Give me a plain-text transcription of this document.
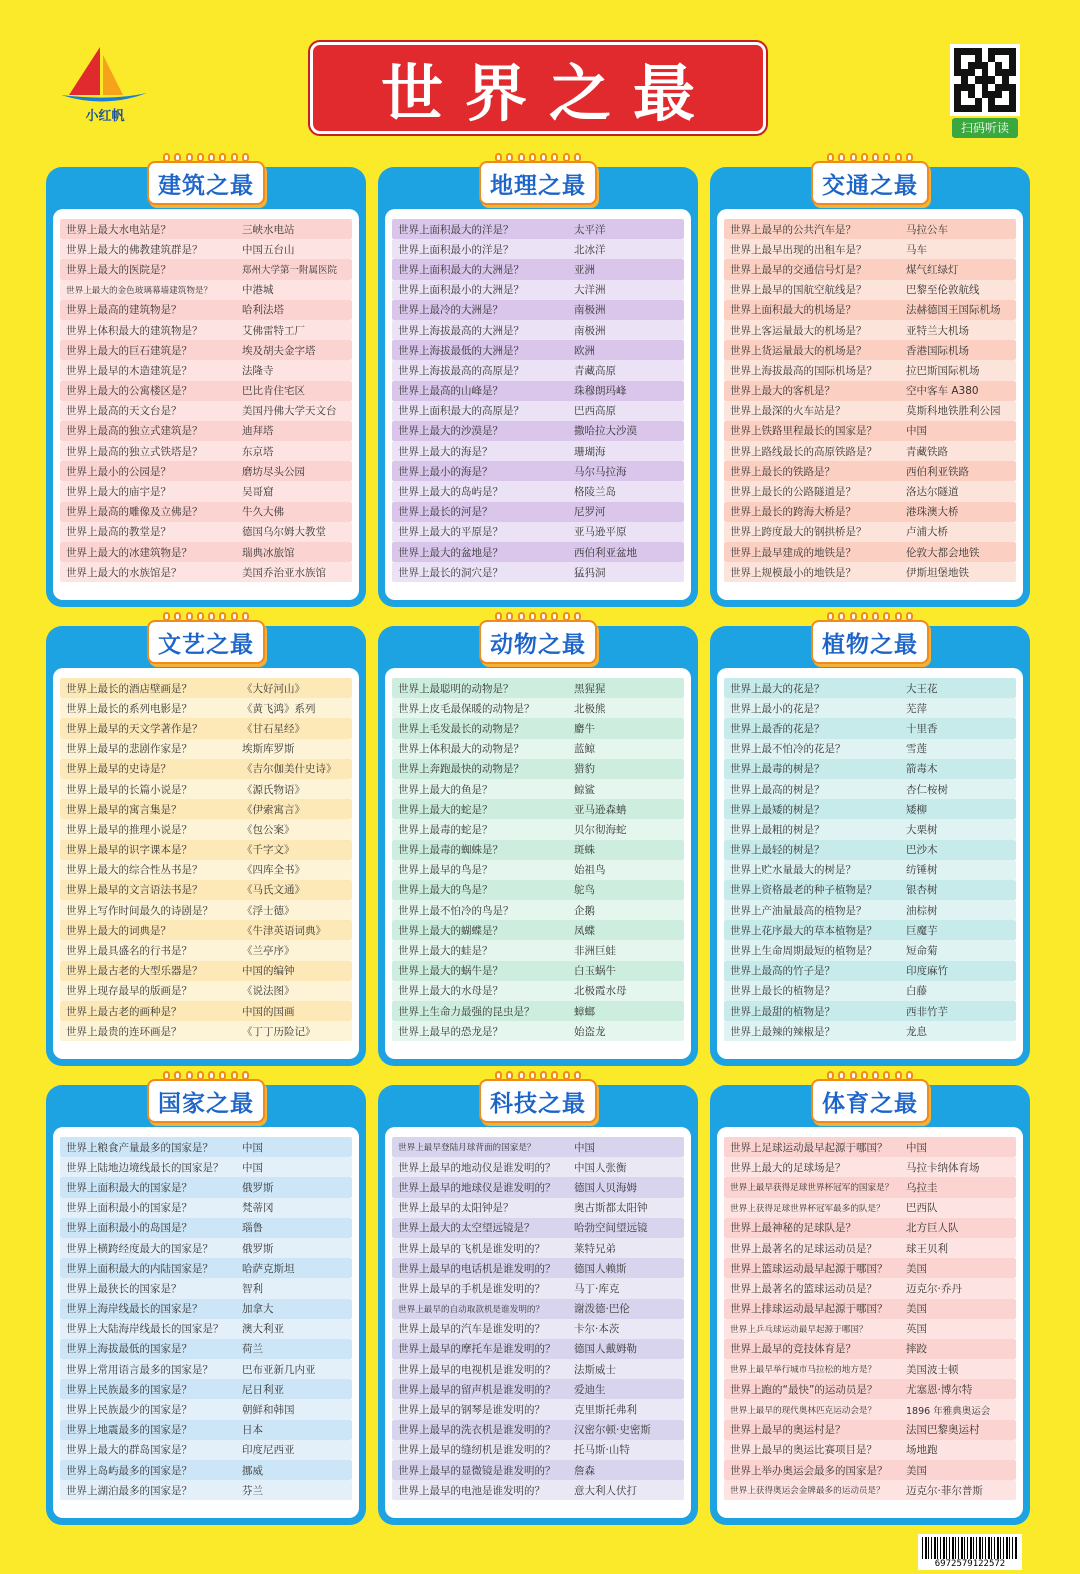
小红帆	世界之最	扫码听读
世界上最大水电站是？	三峡水电站
世界上最大的佛教建筑群是？	中国五台山
世界上最大的医院是？	郑州大学第一附属医院
世界上最大的金色玻璃幕墙建筑物是？	中港城
世界上最高的建筑物是？	哈利法塔
世界上体积最大的建筑物是？	艾佛雷特工厂
世界上最大的巨石建筑是？	埃及胡夫金字塔
世界上最早的木造建筑是？	法隆寺
世界上最大的公寓楼区是？	巴比肯住宅区
世界上最高的天文台是？	美国丹佛大学天文台
世界上最高的独立式建筑是？	迪拜塔
世界上最高的独立式铁塔是？	东京塔
世界上最小的公园是？	磨坊尽头公园
世界上最大的庙宇是？	吴哥窟
世界上最高的雕像及立佛是？	牛久大佛
世界上最高的教堂是？	德国乌尔姆大教堂
世界上最大的冰建筑物是？	瑞典冰旅馆
世界上最大的水族馆是？	美国乔治亚水族馆
建筑之最
世界上面积最大的洋是？	太平洋
世界上面积最小的洋是？	北冰洋
世界上面积最大的大洲是？	亚洲
世界上面积最小的大洲是？	大洋洲
世界上最冷的大洲是？	南极洲
世界上海拔最高的大洲是？	南极洲
世界上海拔最低的大洲是？	欧洲
世界上海拔最高的高原是？	青藏高原
世界上最高的山峰是？	珠穆朗玛峰
世界上面积最大的高原是？	巴西高原
世界上最大的沙漠是？	撒哈拉大沙漠
世界上最大的海是？	珊瑚海
世界上最小的海是？	马尔马拉海
世界上最大的岛屿是？	格陵兰岛
世界上最长的河是？	尼罗河
世界上最大的平原是？	亚马逊平原
世界上最大的盆地是？	西伯利亚盆地
世界上最长的洞穴是？	猛犸洞
地理之最
世界上最早的公共汽车是？	马拉公车
世界上最早出现的出租车是？	马车
世界上最早的交通信号灯是？	煤气红绿灯
世界上最早的国航空航线是？	巴黎至伦敦航线
世界上面积最大的机场是？	法赫德国王国际机场
世界上客运量最大的机场是？	亚特兰大机场
世界上货运量最大的机场是？	香港国际机场
世界上海拔最高的国际机场是？	拉巴斯国际机场
世界上最大的客机是？	空中客车 A380
世界上最深的火车站是？	莫斯科地铁胜利公园
世界上铁路里程最长的国家是？	中国
世界上路线最长的高原铁路是？	青藏铁路
世界上最长的铁路是？	西伯利亚铁路
世界上最长的公路隧道是？	洛达尔隧道
世界上最长的跨海大桥是？	港珠澳大桥
世界上跨度最大的钢拱桥是？	卢浦大桥
世界上最早建成的地铁是？	伦敦大都会地铁
世界上规模最小的地铁是？	伊斯坦堡地铁
交通之最
世界上最长的酒店壁画是？	《大好河山》
世界上最长的系列电影是？	《黄飞鸿》系列
世界上最早的天文学著作是？	《甘石星经》
世界上最早的悲剧作家是？	埃斯库罗斯
世界上最早的史诗是？	《吉尔伽美什史诗》
世界上最早的长篇小说是？	《源氏物语》
世界上最早的寓言集是？	《伊索寓言》
世界上最早的推理小说是？	《包公案》
世界上最早的识字课本是？	《千字文》
世界上最大的综合性丛书是？	《四库全书》
世界上最早的文言语法书是？	《马氏文通》
世界上写作时间最久的诗剧是？	《浮士德》
世界上最大的词典是？	《牛津英语词典》
世界上最具盛名的行书是？	《兰亭序》
世界上最古老的大型乐器是？	中国的编钟
世界上现存最早的版画是？	《说法图》
世界上最古老的画种是？	中国的国画
世界上最贵的连环画是？	《丁丁历险记》
文艺之最
世界上最聪明的动物是？	黑猩猩
世界上皮毛最保暖的动物是？	北极熊
世界上毛发最长的动物是？	麝牛
世界上体积最大的动物是？	蓝鲸
世界上奔跑最快的动物是？	猎豹
世界上最大的鱼是？	鲸鲨
世界上最大的蛇是？	亚马逊森蚺
世界上最毒的蛇是？	贝尔彻海蛇
世界上最毒的蜘蛛是？	斑蛛
世界上最早的鸟是？	始祖鸟
世界上最大的鸟是？	鸵鸟
世界上最不怕冷的鸟是？	企鹅
世界上最大的蝴蝶是？	凤蝶
世界上最大的蛙是？	非洲巨蛙
世界上最大的蜗牛是？	白玉蜗牛
世界上最大的水母是？	北极霞水母
世界上生命力最强的昆虫是？	蟑螂
世界上最早的恐龙是？	始盗龙
动物之最
世界上最大的花是？	大王花
世界上最小的花是？	芜萍
世界上最香的花是？	十里香
世界上最不怕冷的花是？	雪莲
世界上最毒的树是？	箭毒木
世界上最高的树是？	杏仁桉树
世界上最矮的树是？	矮柳
世界上最粗的树是？	大栗树
世界上最轻的树是？	巴沙木
世界上贮水量最大的树是？	纺锤树
世界上资格最老的种子植物是？	银杏树
世界上产油量最高的植物是？	油棕树
世界上花序最大的草本植物是？	巨魔芋
世界上生命周期最短的植物是？	短命菊
世界上最高的竹子是？	印度麻竹
世界上最长的植物是？	白藤
世界上最甜的植物是？	西非竹芋
世界上最辣的辣椒是？	龙息
植物之最
世界上粮食产量最多的国家是？	中国
世界上陆地边境线最长的国家是？	中国
世界上面积最大的国家是？	俄罗斯
世界上面积最小的国家是？	梵蒂冈
世界上面积最小的岛国是？	瑙鲁
世界上横跨经度最大的国家是？	俄罗斯
世界上面积最大的内陆国家是？	哈萨克斯坦
世界上最狭长的国家是？	智利
世界上海岸线最长的国家是？	加拿大
世界上大陆海岸线最长的国家是？	澳大利亚
世界上海拔最低的国家是？	荷兰
世界上常用语言最多的国家是？	巴布亚新几内亚
世界上民族最多的国家是？	尼日利亚
世界上民族最少的国家是？	朝鲜和韩国
世界上地震最多的国家是？	日本
世界上最大的群岛国家是？	印度尼西亚
世界上岛屿最多的国家是？	挪威
世界上湖泊最多的国家是？	芬兰
国家之最
世界上最早登陆月球背面的国家是？	中国
世界上最早的地动仪是谁发明的？	中国人张衡
世界上最早的地球仪是谁发明的？	德国人贝海姆
世界上最早的太阳钟是？	奥古斯都太阳钟
世界上最大的太空望远镜是？	哈勃空间望远镜
世界上最早的飞机是谁发明的？	莱特兄弟
世界上最早的电话机是谁发明的？	德国人赖斯
世界上最早的手机是谁发明的？	马丁·库克
世界上最早的自动取款机是谁发明的？	谢泼德·巴伦
世界上最早的汽车是谁发明的？	卡尔·本茨
世界上最早的摩托车是谁发明的？	德国人戴姆勒
世界上最早的电视机是谁发明的？	法斯威士
世界上最早的留声机是谁发明的？	爱迪生
世界上最早的钢琴是谁发明的？	克里斯托弗利
世界上最早的洗衣机是谁发明的？	汉密尔顿·史密斯
世界上最早的缝纫机是谁发明的？	托马斯·山特
世界上最早的显微镜是谁发明的？	詹森
世界上最早的电池是谁发明的？	意大利人伏打
科技之最
世界上足球运动最早起源于哪国？	中国
世界上最大的足球场是？	马拉卡纳体育场
世界上最早获得足球世界杯冠军的国家是？	乌拉圭
世界上获得足球世界杯冠军最多的队是？	巴西队
世界上最神秘的足球队是？	北方巨人队
世界上最著名的足球运动员是？	球王贝利
世界上篮球运动最早起源于哪国？	美国
世界上最著名的篮球运动员是？	迈克尔·乔丹
世界上排球运动最早起源于哪国？	美国
世界上乒乓球运动最早起源于哪国？	英国
世界上最早的竞技体育是？	摔跤
世界上最早举行城市马拉松的地方是？	美国波士顿
世界上跑的“最快”的运动员是？	尤塞恩·博尔特
世界上最早的现代奥林匹克运动会是？	1896 年雅典奥运会
世界上最早的奥运村是？	法国巴黎奥运村
世界上最早的奥运比赛项目是？	场地跑
世界上举办奥运会最多的国家是？	美国
世界上获得奥运会金牌最多的运动员是？	迈克尔·菲尔普斯
体育之最
6972579122572
